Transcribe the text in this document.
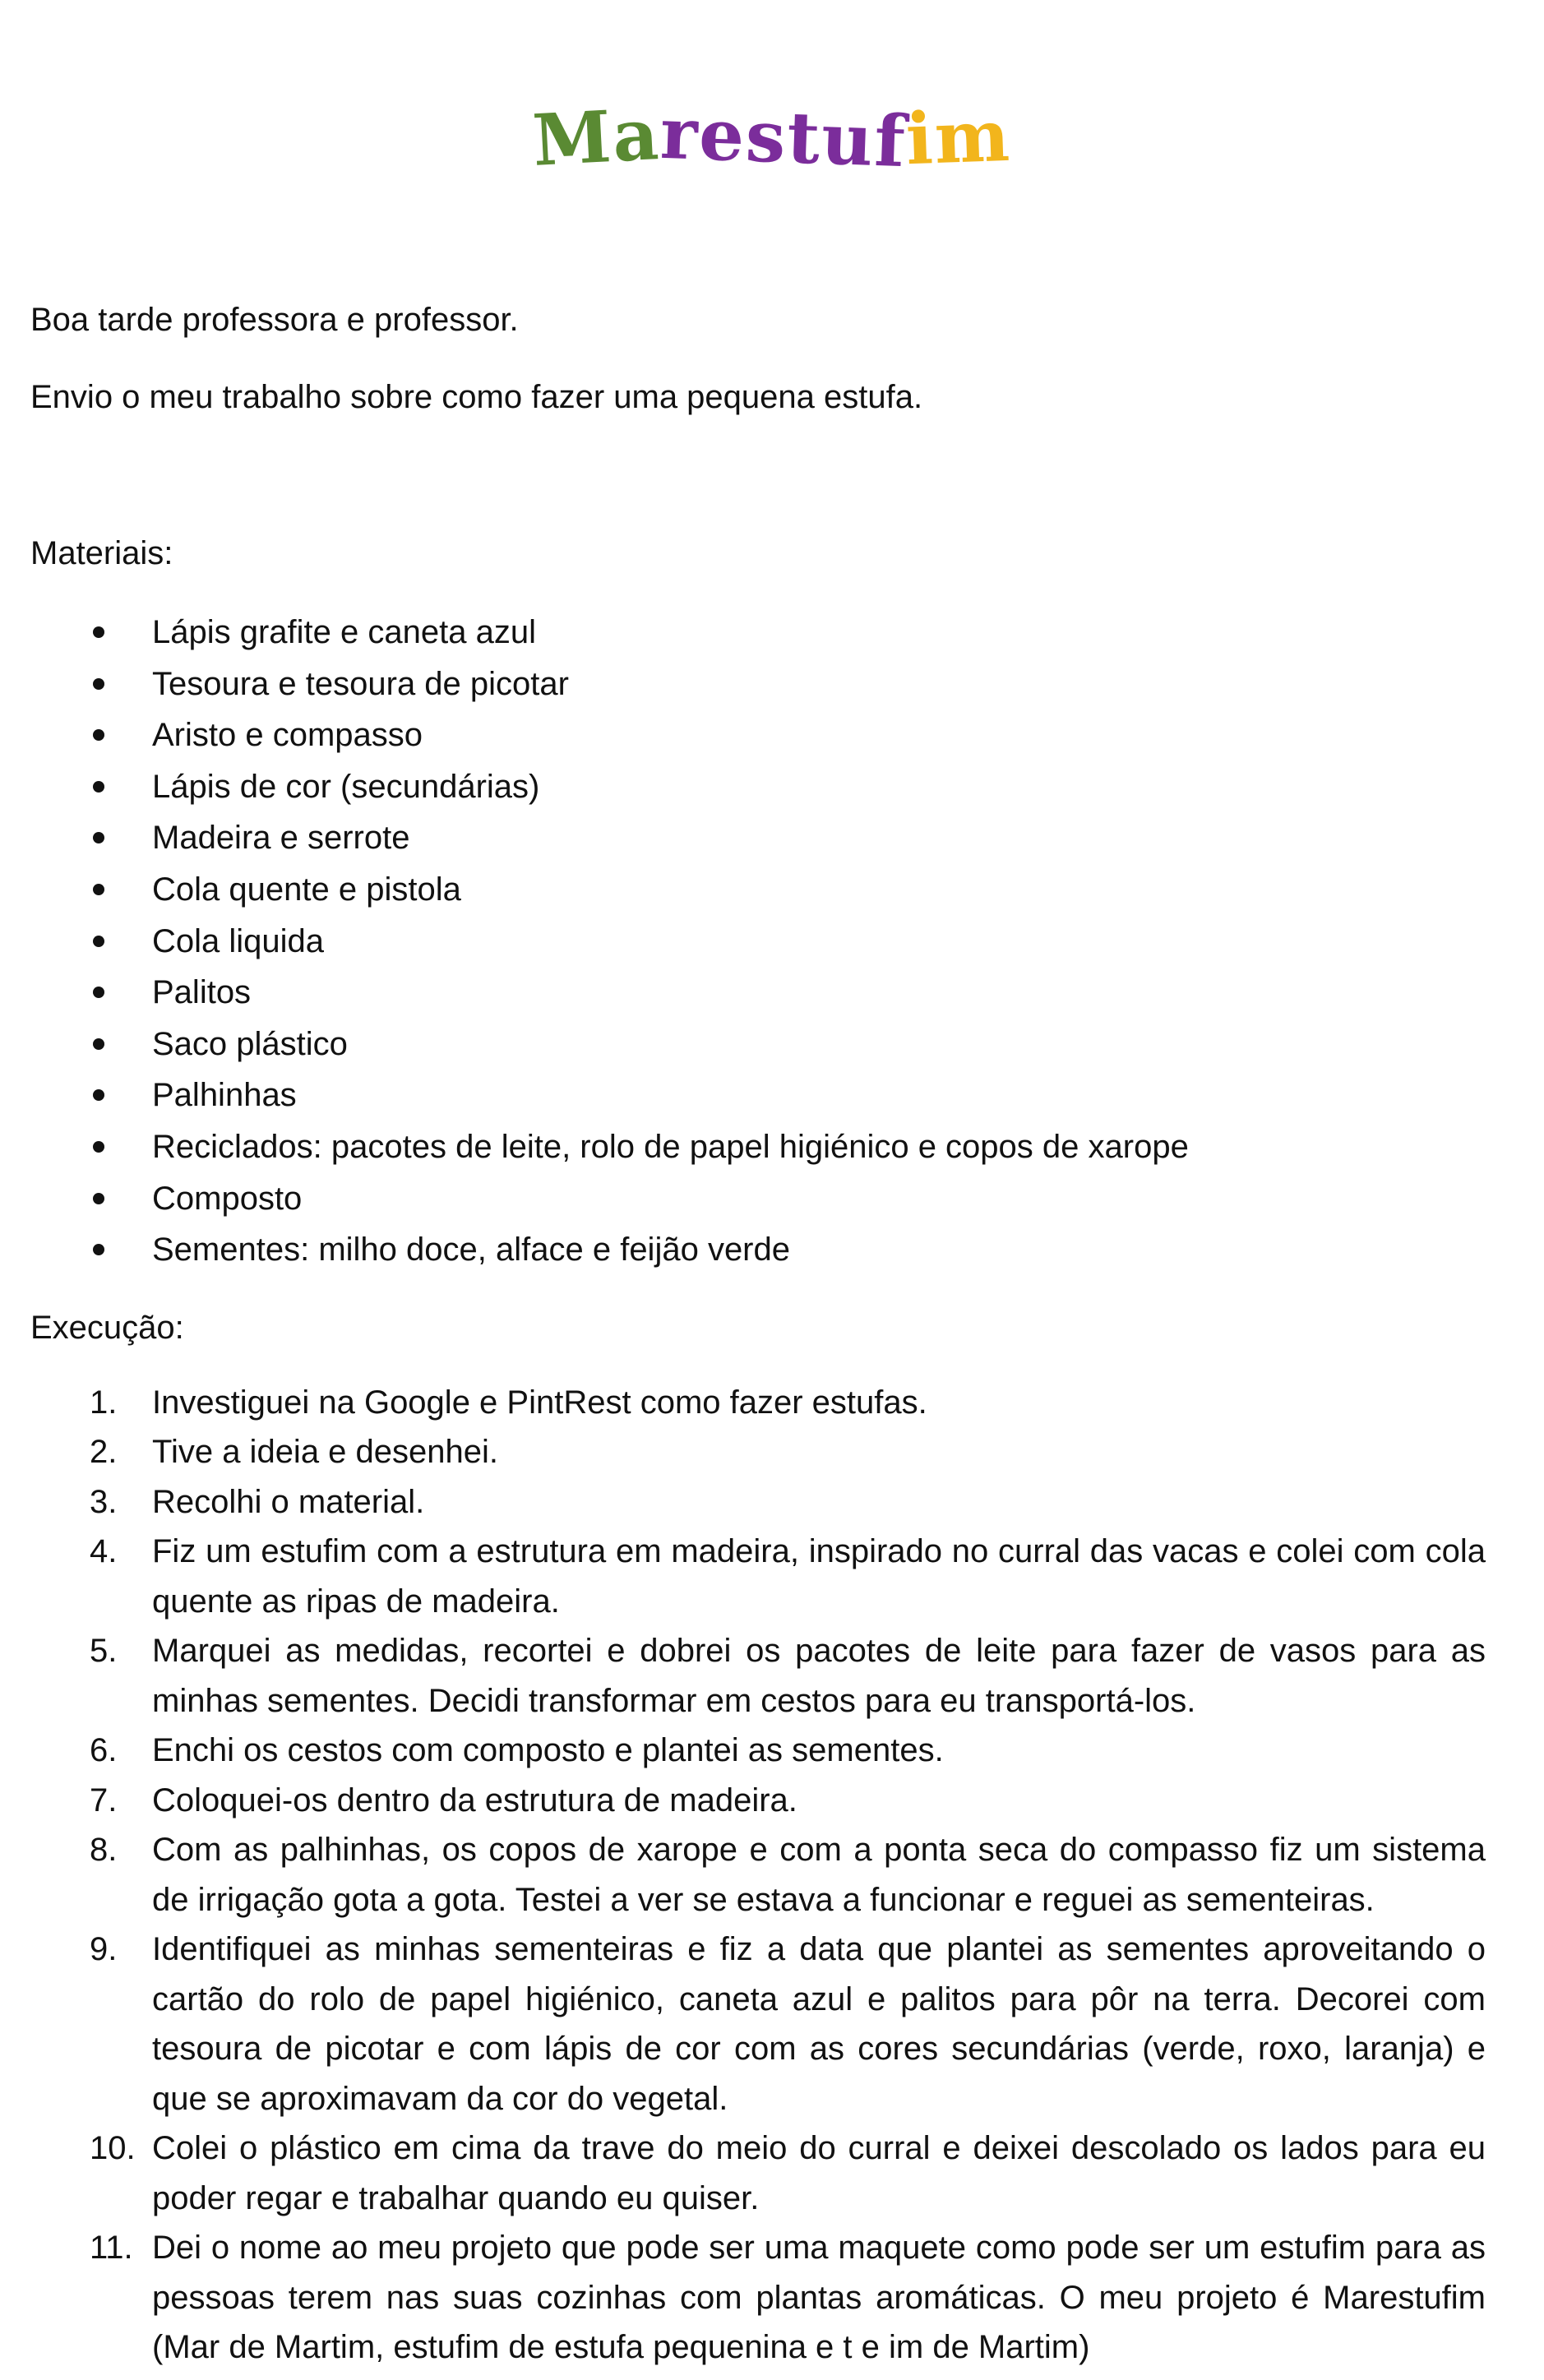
Marestufim

Boa tarde professora e professor.

Envio o meu trabalho sobre como fazer uma pequena estufa.

Materiais:

Lápis grafite e caneta azul
Tesoura e tesoura de picotar
Aristo e compasso
Lápis de cor (secundárias)
Madeira e serrote
Cola quente e pistola
Cola liquida
Palitos
Saco plástico
Palhinhas
Reciclados: pacotes de leite, rolo de papel higiénico e copos de xarope
Composto
Sementes: milho doce, alface e feijão verde

Execução:

1. Investiguei na Google e PintRest como fazer estufas.
2. Tive a ideia e desenhei.
3. Recolhi o material.
4. Fiz um estufim com a estrutura em madeira, inspirado no curral das vacas e colei com cola quente as ripas de madeira.
5. Marquei as medidas, recortei e dobrei os pacotes de leite para fazer de vasos para as minhas sementes. Decidi transformar em cestos para eu transportá-los.
6. Enchi os cestos com composto e plantei as sementes.
7. Coloquei-os dentro da estrutura de madeira.
8. Com as palhinhas, os copos de xarope e com a ponta seca do compasso fiz um sistema de irrigação gota a gota. Testei a ver se estava a funcionar e reguei as sementeiras.
9. Identifiquei as minhas sementeiras e fiz a data que plantei as sementes aproveitando o cartão do rolo de papel higiénico, caneta azul e palitos para pôr na terra. Decorei com tesoura de picotar e com lápis de cor com as cores secundárias (verde, roxo, laranja) e que se aproximavam da cor do vegetal.
10. Colei o plástico em cima da trave do meio do curral e deixei descolado os lados para eu poder regar e trabalhar quando eu quiser.
11. Dei o nome ao meu projeto que pode ser uma maquete como pode ser um estufim para as pessoas terem nas suas cozinhas com plantas aromáticas. O meu projeto é Marestufim (Mar de Martim, estufim de estufa pequenina e t e im de Martim)
